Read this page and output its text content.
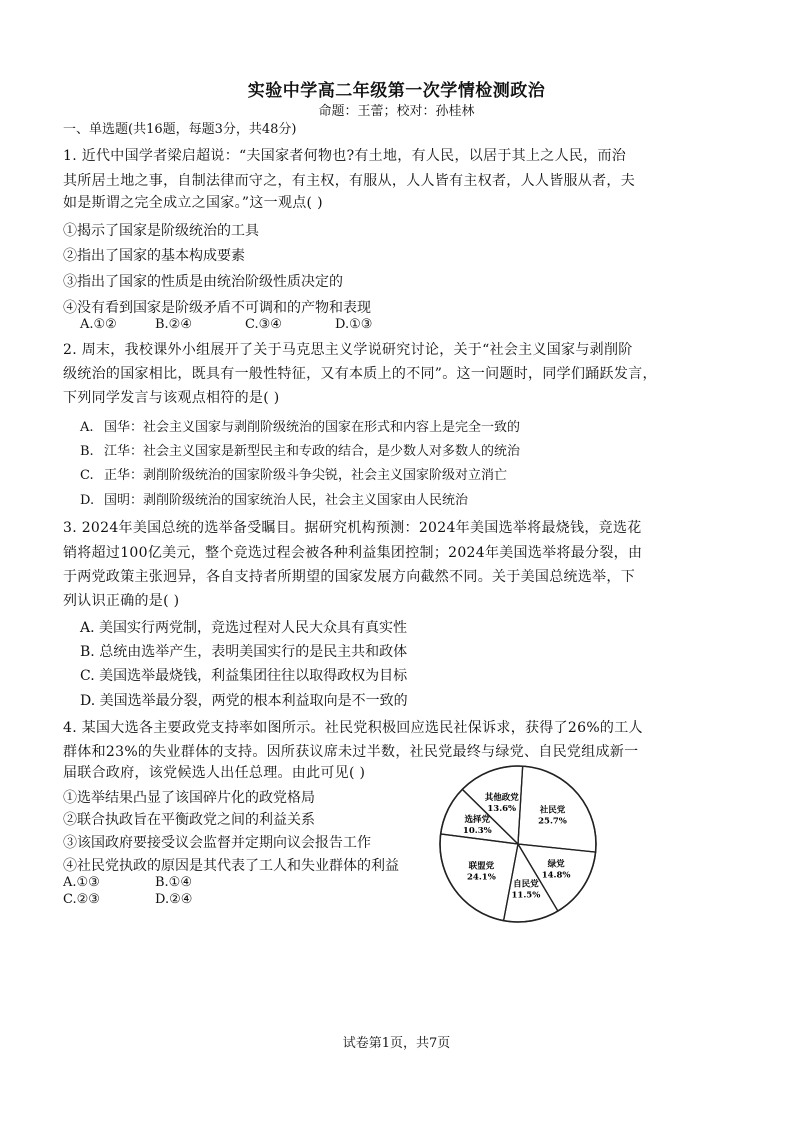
实验中学高二年级第一次学情检测政治
命题：王蕾；校对：孙桂林
一、单选题(共16题，每题3分，共48分)
1. 近代中国学者梁启超说：“夫国家者何物也?有土地，有人民，以居于其上之人民，而治
其所居土地之事，自制法律而守之，有主权，有服从，人人皆有主权者，人人皆服从者，夫
如是斯谓之完全成立之国家。”这一观点( )
①揭示了国家是阶级统治的工具
②指出了国家的基本构成要素
③指出了国家的性质是由统治阶级性质决定的
④没有看到国家是阶级矛盾不可调和的产物和表现
A.①②	B.②④	C.③④	D.①③
2. 周末，我校课外小组展开了关于马克思主义学说研究讨论，关于“社会主义国家与剥削阶
级统治的国家相比，既具有一般性特征，又有本质上的不同”。这一问题时，同学们踊跃发言，
下列同学发言与该观点相符的是( )
A. 国华：社会主义国家与剥削阶级统治的国家在形式和内容上是完全一致的
B. 江华：社会主义国家是新型民主和专政的结合，是少数人对多数人的统治
C. 正华：剥削阶级统治的国家阶级斗争尖锐，社会主义国家阶级对立消亡
D. 国明：剥削阶级统治的国家统治人民，社会主义国家由人民统治
3. 2024年美国总统的选举备受瞩目。据研究机构预测：2024年美国选举将最烧钱，竞选花
销将超过100亿美元，整个竞选过程会被各种利益集团控制；2024年美国选举将最分裂，由
于两党政策主张迥异，各自支持者所期望的国家发展方向截然不同。关于美国总统选举，下
列认识正确的是( )
A. 美国实行两党制，竞选过程对人民大众具有真实性
B. 总统由选举产生，表明美国实行的是民主共和政体
C. 美国选举最烧钱，利益集团往往以取得政权为目标
D. 美国选举最分裂，两党的根本利益取向是不一致的
4. 某国大选各主要政党支持率如图所示。社民党积极回应选民社保诉求，获得了26%的工人
群体和23%的失业群体的支持。因所获议席未过半数，社民党最终与绿党、自民党组成新一
届联合政府，该党候选人出任总理。由此可见( )
①选举结果凸显了该国碎片化的政党格局
②联合执政旨在平衡政党之间的利益关系
③该国政府要接受议会监督并定期向议会报告工作
④社民党执政的原因是其代表了工人和失业群体的利益
A.①③	B.①④
C.②③	D.②④
社民党
25.7%
绿党
14.8%
自民党
11.5%
联盟党
24.1%
选择党
10.3%
其他政党
13.6%
试卷第1页，共7页
